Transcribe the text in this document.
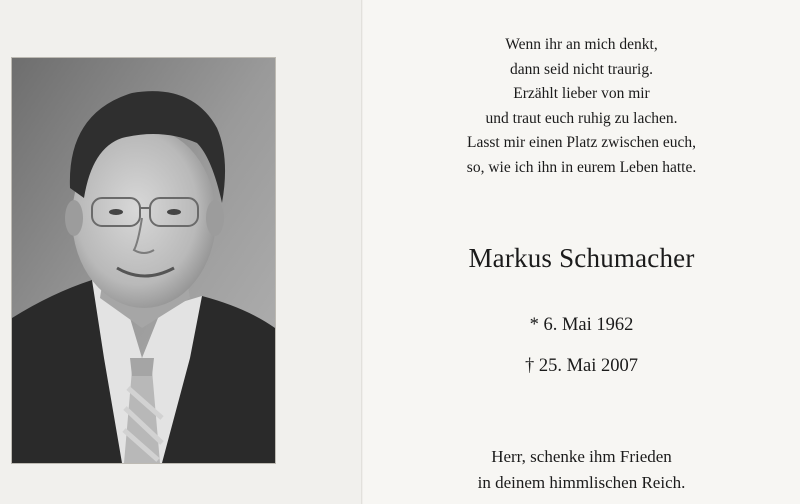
Wenn ihr an mich denkt,
dann seid nicht traurig.
Erzählt lieber von mir
und traut euch ruhig zu lachen.
Lasst mir einen Platz zwischen euch,
so, wie ich ihn in eurem Leben hatte.
Markus Schumacher
* 6. Mai 1962
† 25. Mai 2007
Herr, schenke ihm Frieden
in deinem himmlischen Reich.
